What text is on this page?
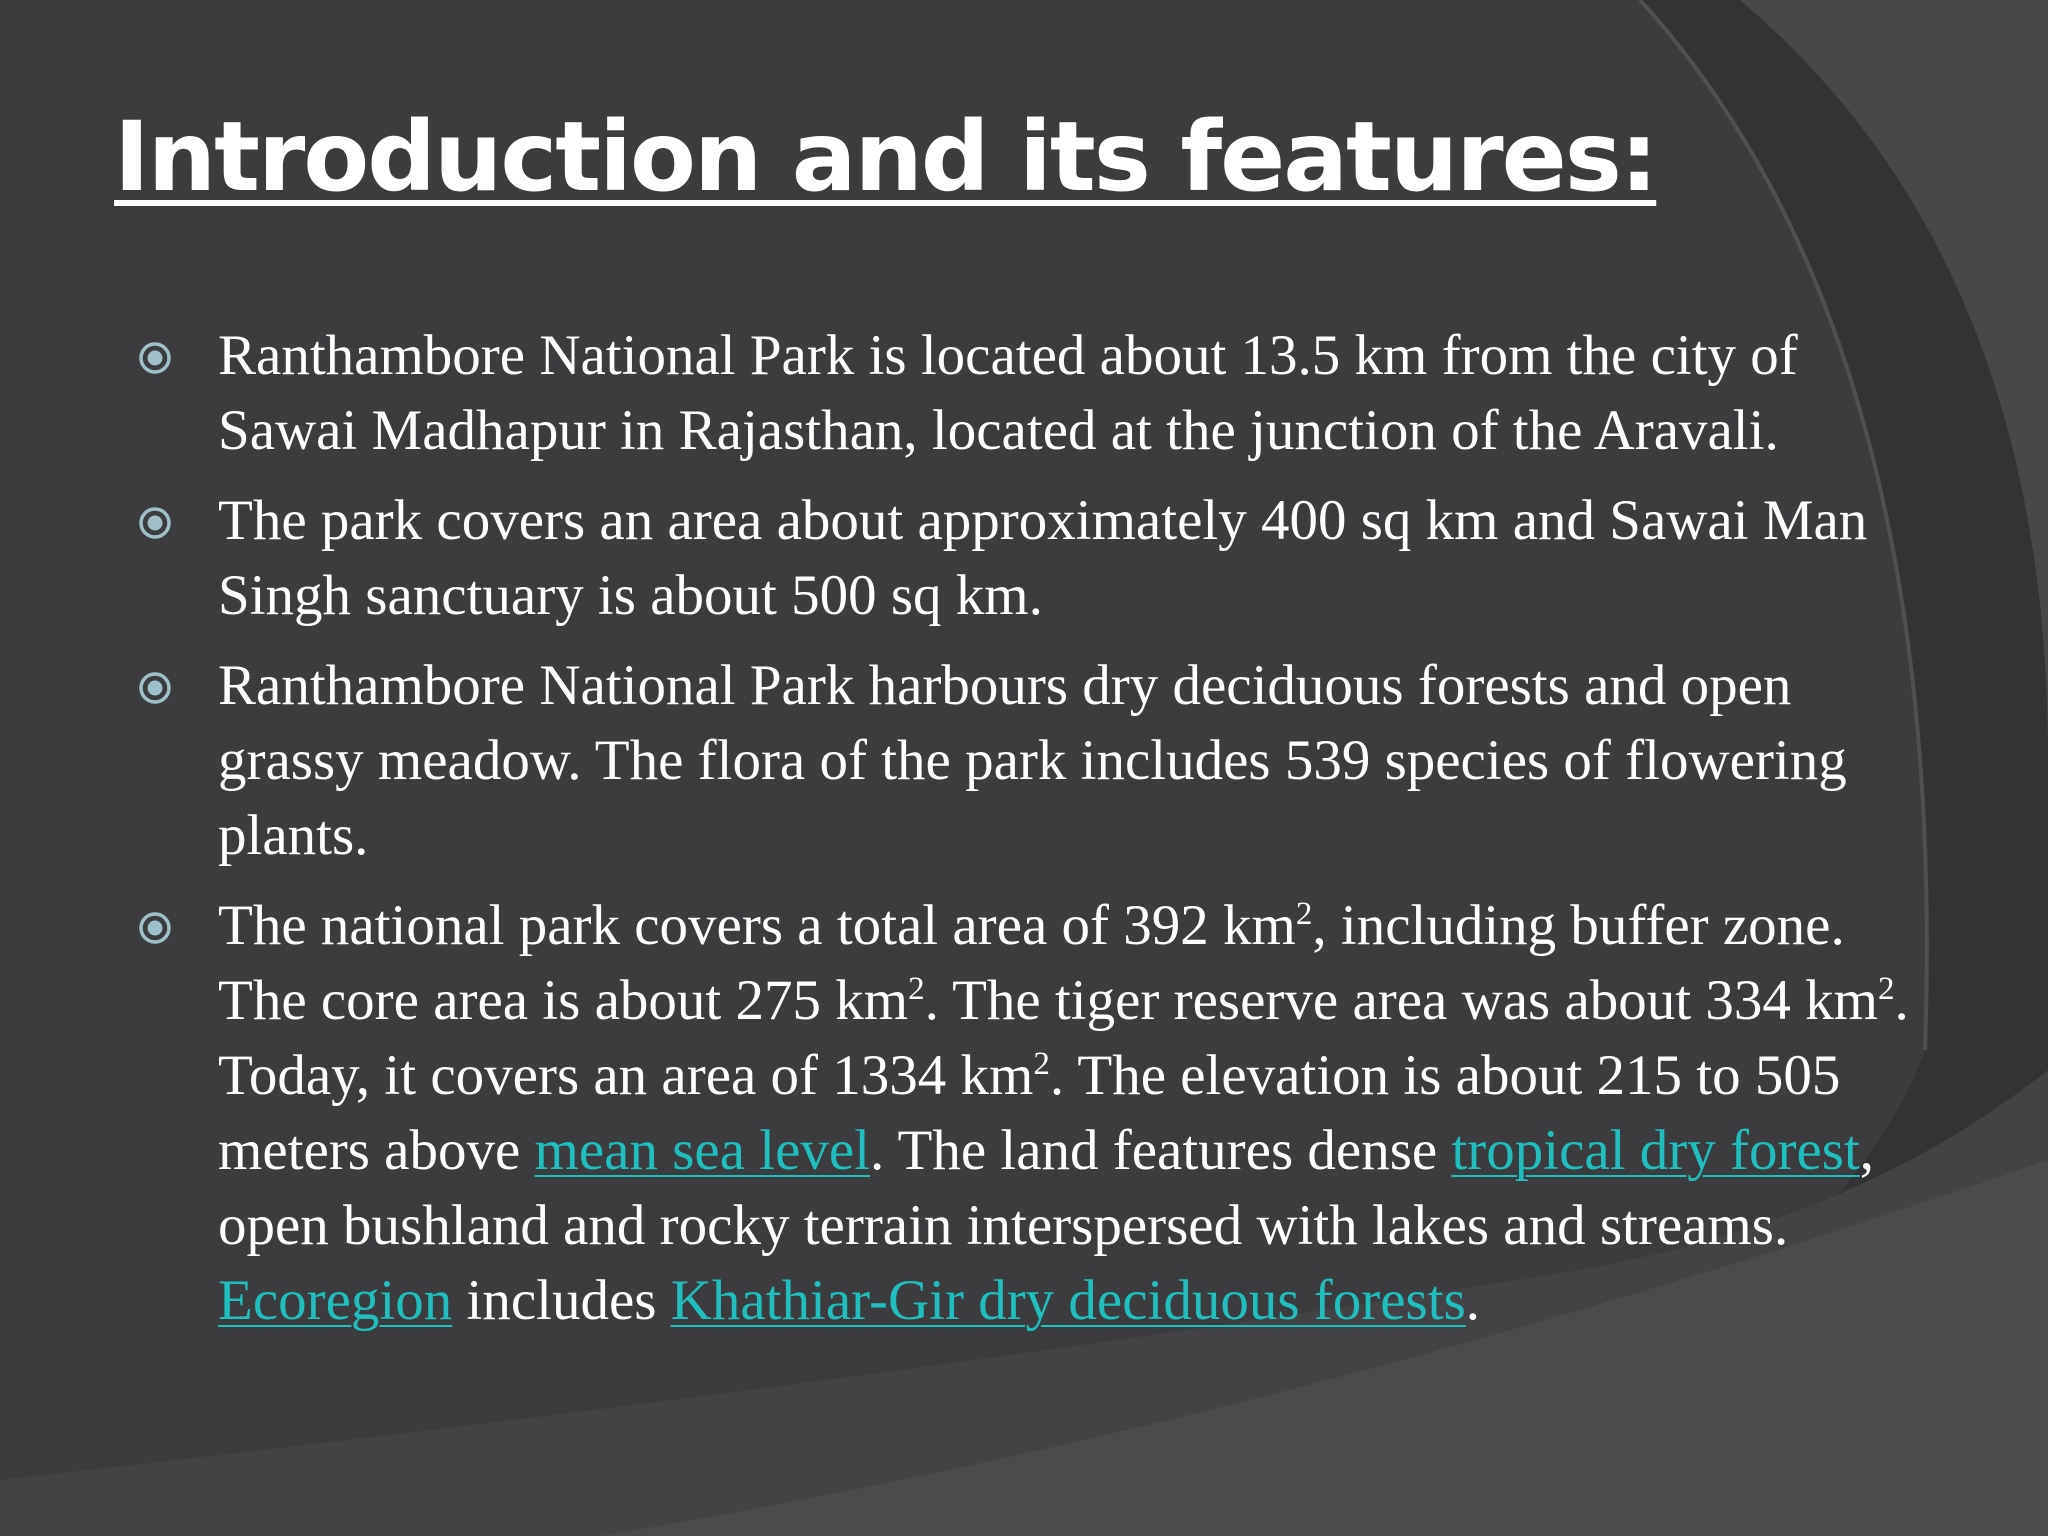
Introduction and its features:
Ranthambore National Park is located about 13.5 km from the city of Sawai Madhapur in Rajasthan, located at the junction of the Aravali.
The park covers an area about approximately 400 sq km and Sawai Man Singh sanctuary is about 500 sq km.
Ranthambore National Park harbours dry deciduous forests and open grassy meadow. The flora of the park includes 539 species of flowering plants.
The national park covers a total area of 392 $km^2$, including buffer zone. The core area is about 275 $km^2$. The tiger reserve area was about 334 $km^2$. Today, it covers an area of 1334 $km^2$. The elevation is about 215 to 505 meters above mean sea level. The land features dense tropical dry forest, open bushland and rocky terrain interspersed with lakes and streams. Ecoregion includes Khathiar-Gir dry deciduous forests.
